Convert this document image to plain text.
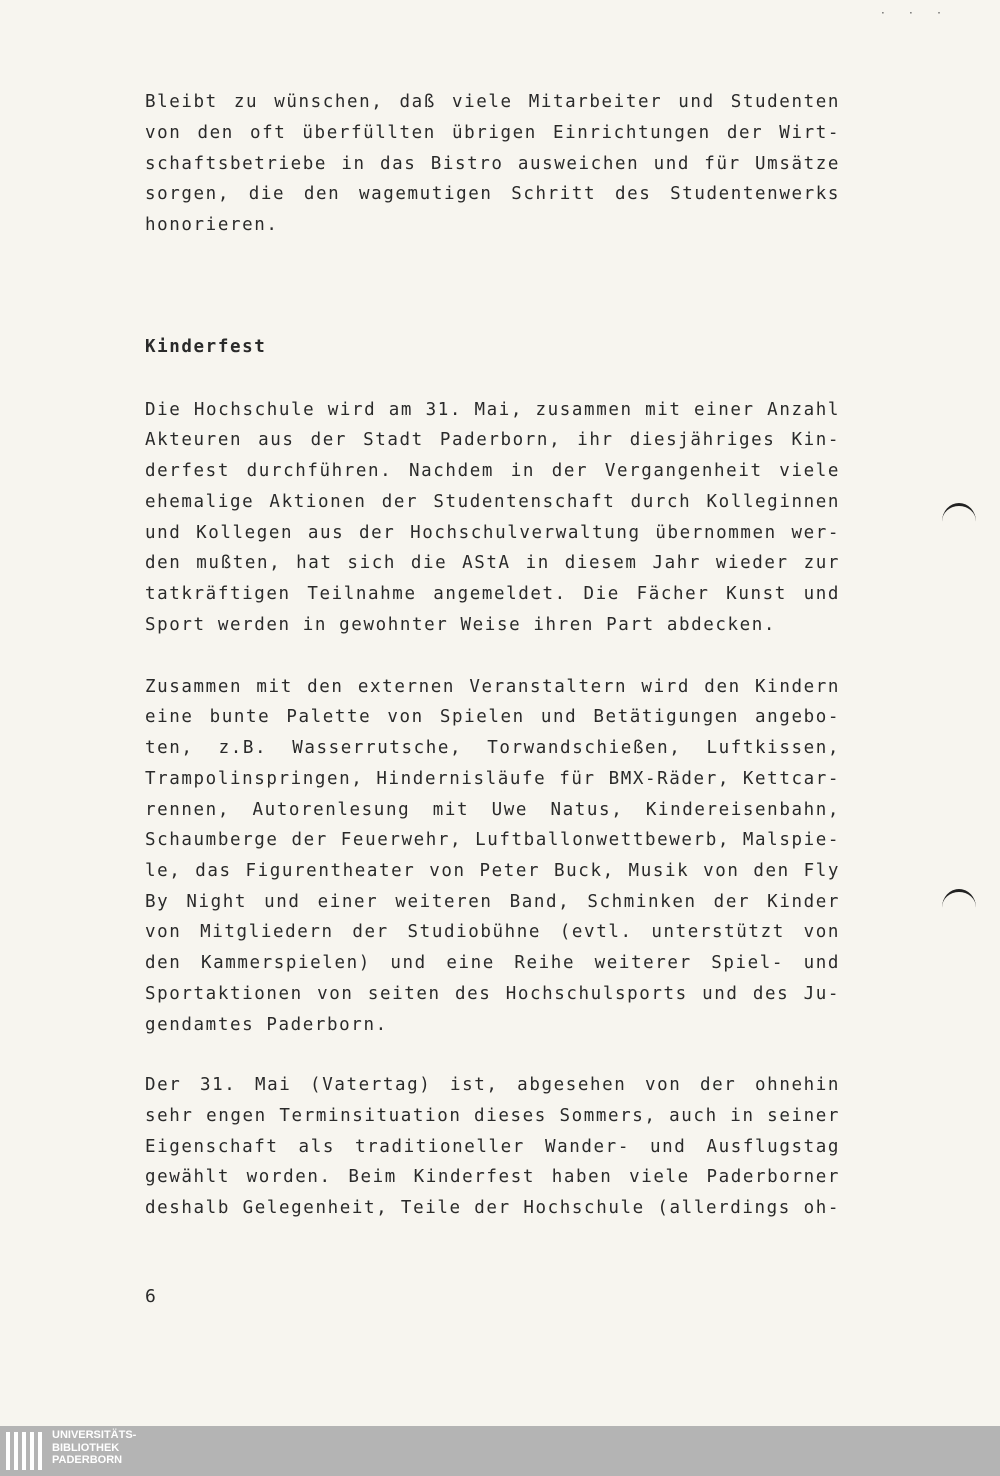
· · ·
Bleibt zu wünschen, daß viele Mitarbeiter und Studenten
von den oft überfüllten übrigen Einrichtungen der Wirt-
schaftsbetriebe in das Bistro ausweichen und für Umsätze
sorgen, die den wagemutigen Schritt des Studentenwerks
honorieren.
Kinderfest
Die Hochschule wird am 31. Mai, zusammen mit einer Anzahl
Akteuren aus der Stadt Paderborn, ihr diesjähriges Kin-
derfest durchführen. Nachdem in der Vergangenheit viele
ehemalige Aktionen der Studentenschaft durch Kolleginnen
und Kollegen aus der Hochschulverwaltung übernommen wer-
den mußten, hat sich die AStA in diesem Jahr wieder zur
tatkräftigen Teilnahme angemeldet. Die Fächer Kunst und
Sport werden in gewohnter Weise ihren Part abdecken.
Zusammen mit den externen Veranstaltern wird den Kindern
eine bunte Palette von Spielen und Betätigungen angebo-
ten, z.B. Wasserrutsche, Torwandschießen, Luftkissen,
Trampolinspringen, Hindernisläufe für BMX-Räder, Kettcar-
rennen, Autorenlesung mit Uwe Natus, Kindereisenbahn,
Schaumberge der Feuerwehr, Luftballonwettbewerb, Malspie-
le, das Figurentheater von Peter Buck, Musik von den Fly
By Night und einer weiteren Band, Schminken der Kinder
von Mitgliedern der Studiobühne (evtl. unterstützt von
den Kammerspielen) und eine Reihe weiterer Spiel- und
Sportaktionen von seiten des Hochschulsports und des Ju-
gendamtes Paderborn.
Der 31. Mai (Vatertag) ist, abgesehen von der ohnehin
sehr engen Terminsituation dieses Sommers, auch in seiner
Eigenschaft als traditioneller Wander- und Ausflugstag
gewählt worden. Beim Kinderfest haben viele Paderborner
deshalb Gelegenheit, Teile der Hochschule (allerdings oh-
6
UNIVERSITÄTS-
BIBLIOTHEK
PADERBORN
